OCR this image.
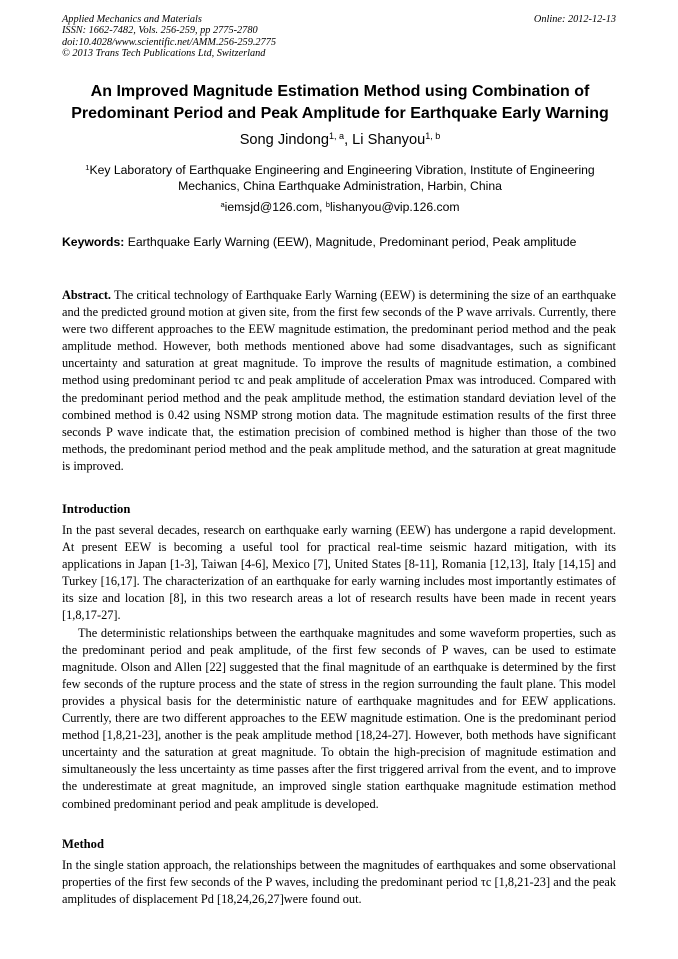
Applied Mechanics and Materials
ISSN: 1662-7482, Vols. 256-259, pp 2775-2780
doi:10.4028/www.scientific.net/AMM.256-259.2775
© 2013 Trans Tech Publications Ltd, Switzerland
Online: 2012-12-13
An Improved Magnitude Estimation Method using Combination of
Predominant Period and Peak Amplitude for Earthquake Early Warning
Song Jindong$^{1, a}$, Li Shanyou$^{1, b}$
$^1$Key Laboratory of Earthquake Engineering and Engineering Vibration, Institute of Engineering Mechanics, China Earthquake Administration, Harbin, China
$^a$iemsjd@126.com, $^b$lishanyou@vip.126.com
Keywords: Earthquake Early Warning (EEW), Magnitude, Predominant period, Peak amplitude
Abstract. The critical technology of Earthquake Early Warning (EEW) is determining the size of an earthquake and the predicted ground motion at given site, from the first few seconds of the P wave arrivals. Currently, there were two different approaches to the EEW magnitude estimation, the predominant period method and the peak amplitude method. However, both methods mentioned above had some disadvantages, such as significant uncertainty and saturation at great magnitude. To improve the results of magnitude estimation, a combined method using predominant period τc and peak amplitude of acceleration Pmax was introduced. Compared with the predominant period method and the peak amplitude method, the estimation standard deviation level of the combined method is 0.42 using NSMP strong motion data. The magnitude estimation results of the first three seconds P wave indicate that, the estimation precision of combined method is higher than those of the two methods, the predominant period method and the peak amplitude method, and the saturation at great magnitude is improved.
Introduction

In the past several decades, research on earthquake early warning (EEW) has undergone a rapid development. At present EEW is becoming a useful tool for practical real-time seismic hazard mitigation, with its applications in Japan [1-3], Taiwan [4-6], Mexico [7], United States [8-11], Romania [12,13], Italy [14,15] and Turkey [16,17]. The characterization of an earthquake for early warning includes most importantly estimates of its size and location [8], in this two research areas a lot of research results have been made in recent years [1,8,17-27].

The deterministic relationships between the earthquake magnitudes and some waveform properties, such as the predominant period and peak amplitude, of the first few seconds of P waves, can be used to estimate magnitude. Olson and Allen [22] suggested that the final magnitude of an earthquake is determined by the first few seconds of the rupture process and the state of stress in the region surrounding the fault plane. This model provides a physical basis for the deterministic nature of earthquake magnitudes and for EEW applications. Currently, there are two different approaches to the EEW magnitude estimation. One is the predominant period method [1,8,21-23], another is the peak amplitude method [18,24-27]. However, both methods have significant uncertainty and the saturation at great magnitude. To obtain the high-precision of magnitude estimation and simultaneously the less uncertainty as time passes after the first triggered arrival from the event, and to improve the underestimate at great magnitude, an improved single station earthquake magnitude estimation method combined predominant period and peak amplitude is developed.

Method

In the single station approach, the relationships between the magnitudes of earthquakes and some observational properties of the first few seconds of the P waves, including the predominant period τc [1,8,21-23] and the peak amplitudes of displacement Pd [18,24,26,27]were found out.
